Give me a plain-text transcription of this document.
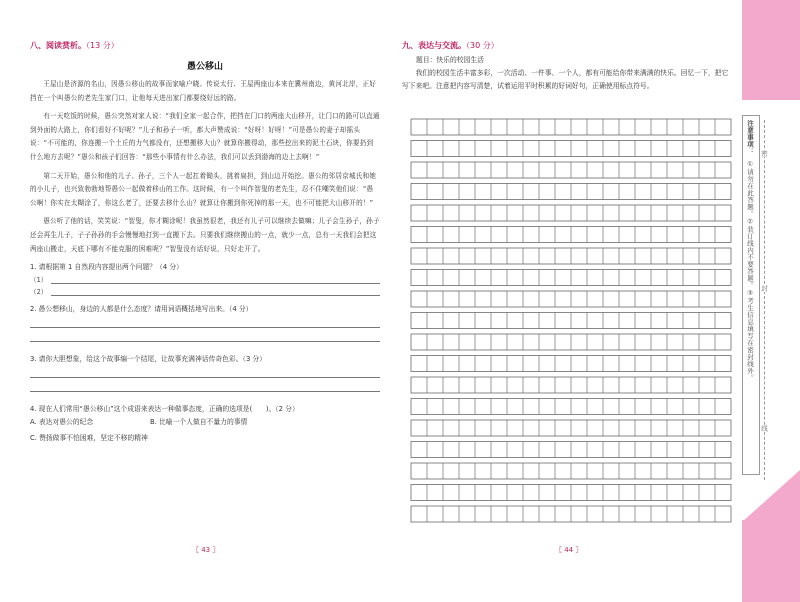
八、阅读赏析。（13 分）
愚公移山

王屋山是济源的名山，因愚公移山的故事而家喻户晓。传说太行、王屋两座山本来在冀州南边，黄河北岸，正好挡在一个叫愚公的老先生家门口，让他每天进出家门都要绕好远的路。

有一天吃饭的时候，愚公突然对家人说：“我们全家一起合作，把挡在门口的两座大山移开，让门口的路可以直通到外面的大路上，你们看好不好呢？”儿子和孙子一听，都大声赞成说：“好呀！好呀！”可是愚公的妻子却摇头说：“不可能的，你连搬一个土丘的力气都没有，还想搬移大山？就算你搬得动，那些挖出来的泥土石块，你要扔到什么地方去呢？”愚公和孩子们回答：“那些小事情有什么办法，我们可以丢到渤海的边上去啊！”

第二天开始，愚公和他的儿子、孙子，三个人一起扛着锄头，挑着扁担，到山边开始挖。愚公的邻居京城氏和她的小儿子，也兴致勃勃地帮愚公一起做着移山的工作。这时候，有一个叫作智叟的老先生，忍不住嘲笑他们说：“愚公啊！你实在太糊涂了，你这么老了，还要去移什么山？就算让你搬到你死掉的那一天，也不可能把大山移开的！”

愚公听了他的话，笑笑说：“智叟，你才糊涂呢！我虽然很老，我还有儿子可以继续去做嘛；儿子会生孙子，孙子还会再生儿子，子子孙孙的手会慢慢地打到一直搬下去。只要我们继续搬山的一点，就少一点，总有一天我们会把这两座山搬走，天底下哪有不能克服的困难呢？”智叟没有话好说，只好走开了。

1. 请根据第 1 自然段内容提出两个问题？（4 分）
（1）
（2）
2. 愚公想移山，身边的人都是什么态度？请用词语概括地写出来。（4 分）
3. 请你大胆想象，给这个故事编一个结尾，让故事充满神话传奇色彩。（3 分）
4. 现在人们常用“愚公移山”这个成语来表达一种做事态度，正确的选项是(　　)。（2 分）
A. 表达对愚公的纪念	B. 比喻一个人做自不量力的事情
C. 赞扬做事不怕困难，坚定不移的精神
〖 43 〗
九、表达与交流。（30 分）
题目：快乐的校园生活
我们的校园生活丰富多彩，一次活动、一件事、一个人，都有可能给你带来满满的快乐。回忆一下，把它写下来吧。注意把内容写清楚，试着运用平时积累的好词好句，正确使用标点符号。
〖 44 〗
注意事项：
①请勿在此答题。②装订线内不要答题。③考生信息填写在密封线外。
密
封
线
